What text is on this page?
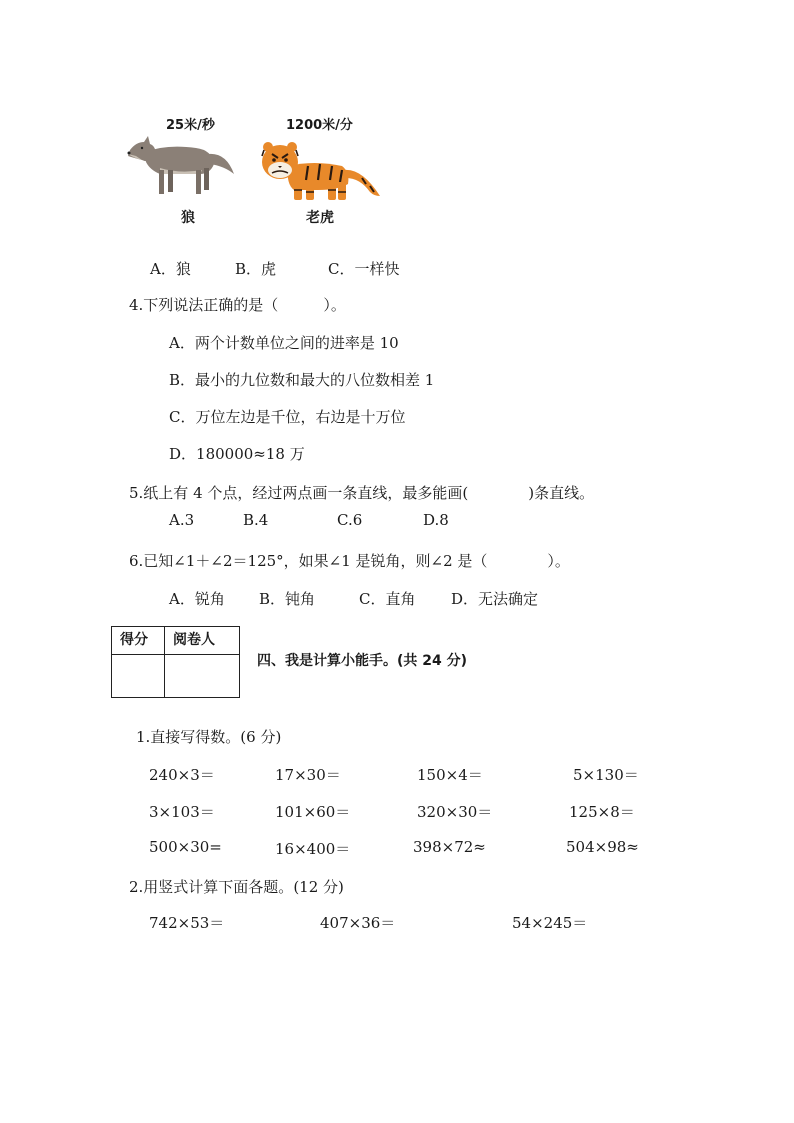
25米/秒	1200米/分
狼	老虎
A．狼	B．虎	C．一样快
4.下列说法正确的是（　　　）。
A．两个计数单位之间的进率是 10
B．最小的九位数和最大的八位数相差 1
C．万位左边是千位，右边是十万位
D．180000≈18 万
5.纸上有 4 个点，经过两点画一条直线，最多能画(　　　　)条直线。
A.3	B.4	C.6	D.8
6.已知∠1＋∠2＝125°，如果∠1 是锐角，则∠2 是（　　　　）。
A．锐角 B．钝角	C．直角 D．无法确定
得分	阅卷人

四、我是计算小能手。(共 24 分)
1.直接写得数。(6 分)
240×3＝	17×30＝	150×4＝	5×130＝
3×103＝	101×60＝	320×30＝	125×8＝
500×30=	16×400＝	398×72≈	504×98≈
2.用竖式计算下面各题。(12 分)
742×53＝	407×36＝	54×245＝
